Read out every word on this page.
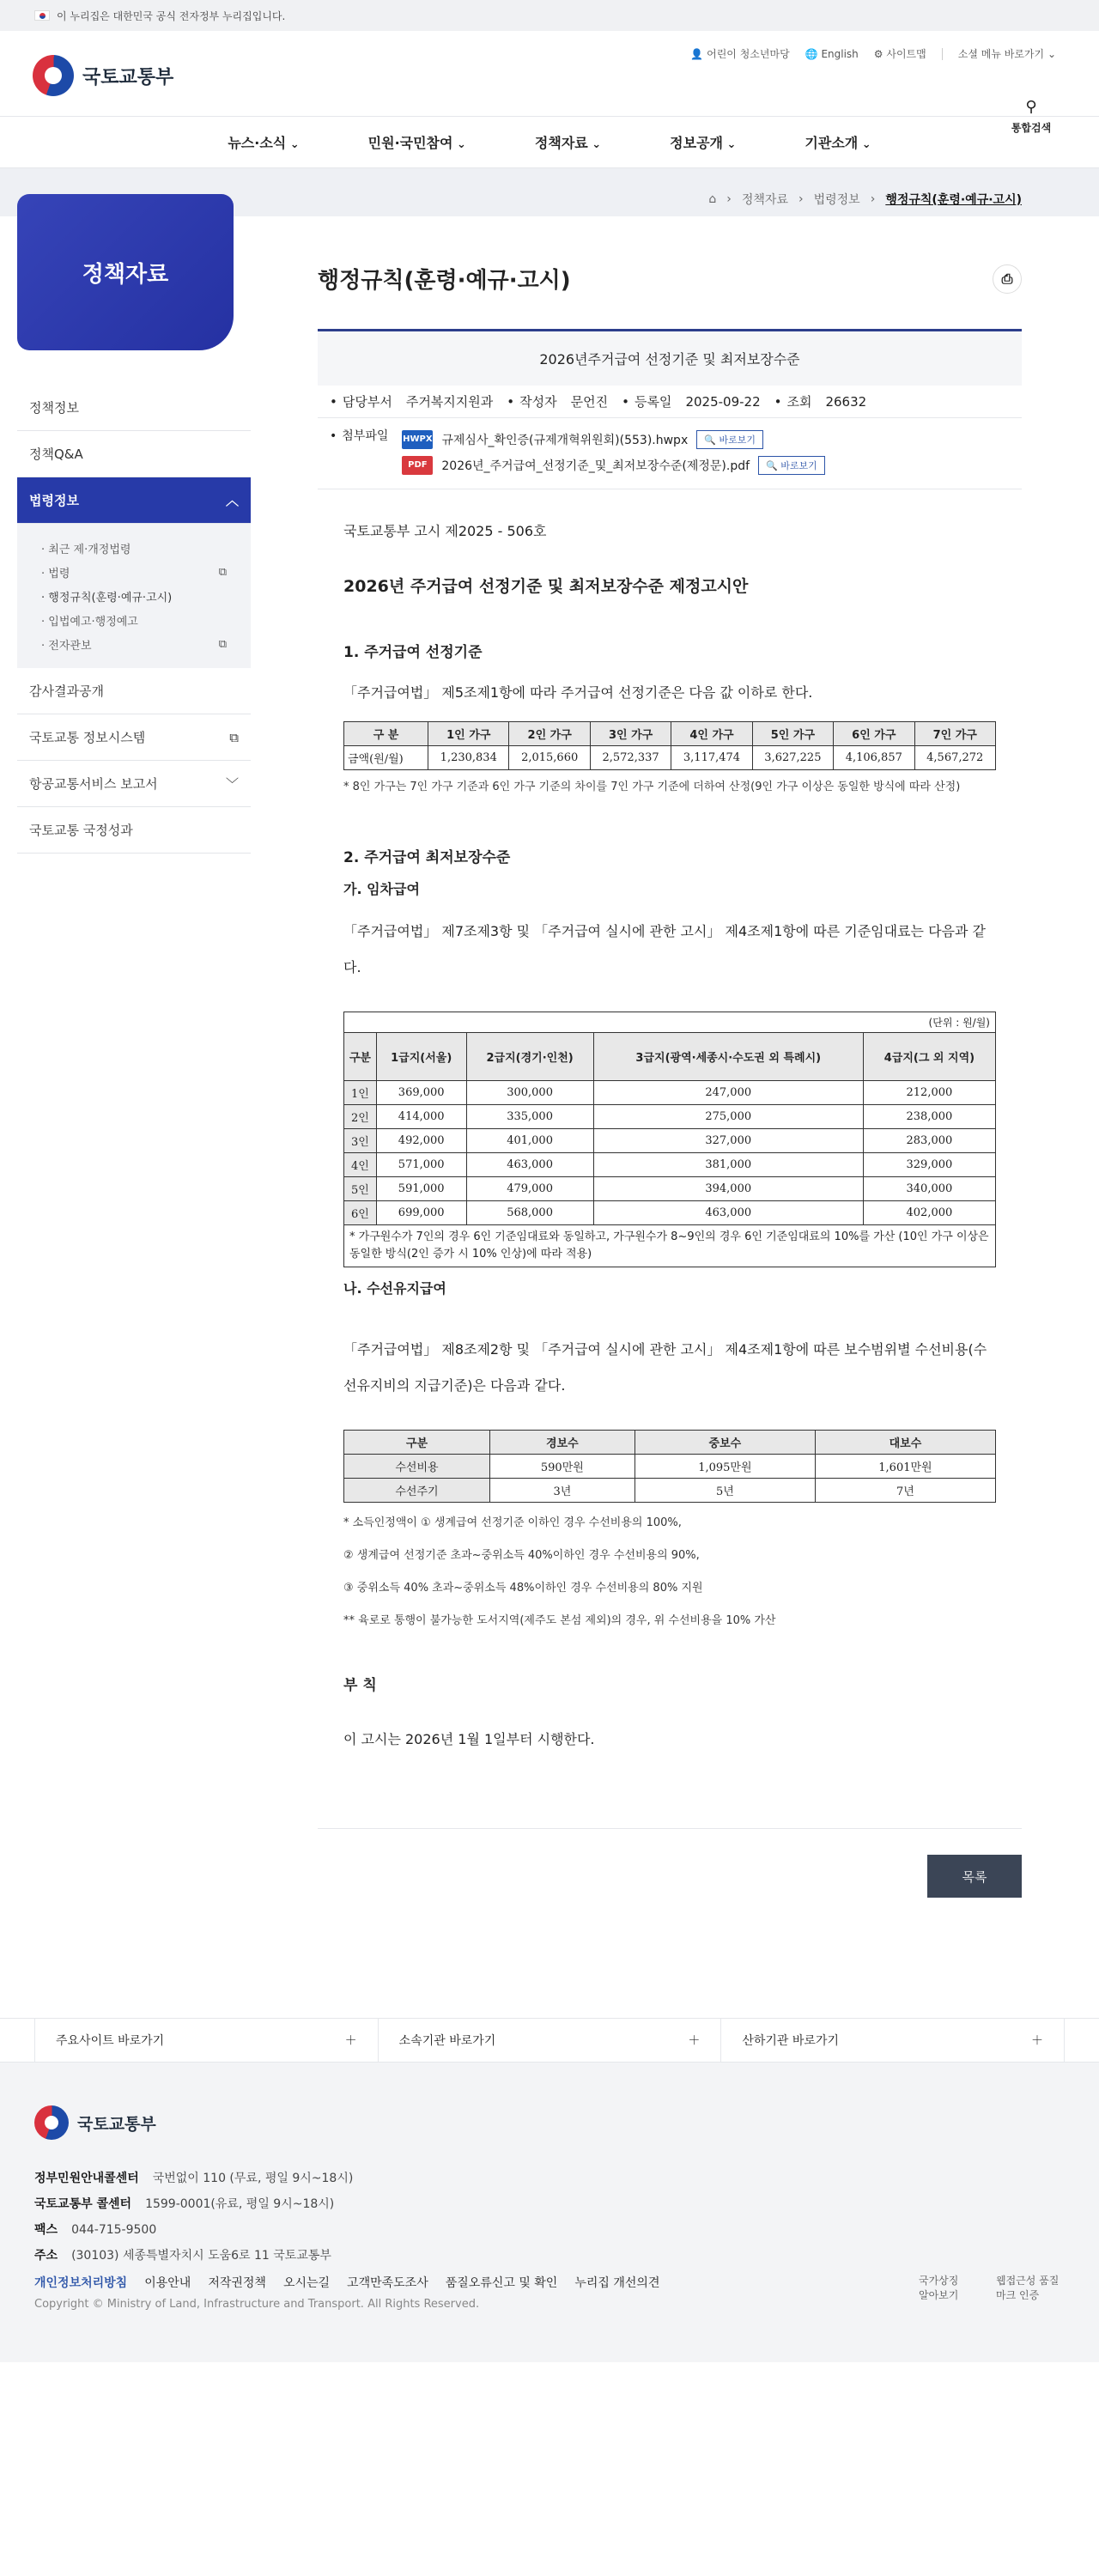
이 누리집은 대한민국 공식 전자정부 누리집입니다.
국토교통부
👤 어린이 청소년마당 🌐 English ⚙ 사이트맵	소셜 메뉴 바로가기 ⌄
⚲
통합검색
뉴스·소식 ⌄	민원·국민참여 ⌄	정책자료 ⌄	정보공개 ⌄	기관소개 ⌄
⌂ › 정책자료 › 법령정보 › 행정규칙(훈령·예규·고시)
정책자료
정책정보
정책Q&A
법령정보	︿
· 최근 제·개정법령
· 법령	⧉
· 행정규칙(훈령·예규·고시)
· 입법예고·행정예고
· 전자관보	⧉
감사결과공개
국토교통 정보시스템	⧉
항공교통서비스 보고서	﹀
국토교통 국정성과
행정규칙(훈령·예규·고시)	⎙
2026년주거급여 선정기준 및 최저보장수준
• 담당부서 주거복지지원과	• 작성자 문언진	• 등록일 2025-09-22	• 조회 26632
• 첨부파일 HWPX 규제심사_확인증(규제개혁위원회)(553).hwpx	🔍 바로보기
PDF	2026년_주거급여_선정기준_및_최저보장수준(제정문).pdf	🔍 바로보기

국토교통부 고시 제2025 - 506호

2026년 주거급여 선정기준 및 최저보장수준 제정고시안
1. 주거급여 선정기준

「주거급여법」 제5조제1항에 따라 주거급여 선정기준은 다음 값 이하로 한다.

구 분	1인 가구	2인 가구	3인 가구	4인 가구	5인 가구	6인 가구	7인 가구
금액(원/월)	1,230,834	2,015,660	2,572,337	3,117,474	3,627,225	4,106,857	4,567,272
* 8인 가구는 7인 가구 기준과 6인 가구 기준의 차이를 7인 가구 기준에 더하여 산정(9인 가구 이상은 동일한 방식에 따라 산정)
2. 주거급여 최저보장수준
가. 임차급여

「주거급여법」 제7조제3항 및 「주거급여 실시에 관한 고시」 제4조제1항에 따른 기준임대료는 다음과 같다.

(단위 : 원/월)
구분	1급지(서울)	2급지(경기·인천)	3급지(광역·세종시·수도권 외 특례시)	4급지(그 외 지역)
1인	369,000	300,000	247,000	212,000
2인	414,000	335,000	275,000	238,000
3인	492,000	401,000	327,000	283,000
4인	571,000	463,000	381,000	329,000
5인	591,000	479,000	394,000	340,000
6인	699,000	568,000	463,000	402,000
* 가구원수가 7인의 경우 6인 기준임대료와 동일하고, 가구원수가 8~9인의 경우 6인 기준임대료의 10%를 가산 (10인 가구 이상은 동일한 방식(2인 증가 시 10% 인상)에 따라 적용)
나. 수선유지급여

「주거급여법」 제8조제2항 및 「주거급여 실시에 관한 고시」 제4조제1항에 따른 보수범위별 수선비용(수선유지비의 지급기준)은 다음과 같다.

구분	경보수	중보수	대보수
수선비용	590만원	1,095만원	1,601만원
수선주기	3년	5년	7년
* 소득인정액이 ① 생계급여 선정기준 이하인 경우 수선비용의 100%,
② 생계급여 선정기준 초과~중위소득 40%이하인 경우 수선비용의 90%,
③ 중위소득 40% 초과~중위소득 48%이하인 경우 수선비용의 80% 지원
** 육로로 통행이 불가능한 도서지역(제주도 본섬 제외)의 경우, 위 수선비용을 10% 가산
부 칙

이 고시는 2026년 1월 1일부터 시행한다.

목록
주요사이트 바로가기	＋	소속기관 바로가기	＋	산하기관 바로가기	＋
국토교통부
정부민원안내콜센터 국번없이 110 (무료, 평일 9시~18시)
국토교통부 콜센터 1599-0001(유료, 평일 9시~18시)
팩스 044-715-9500
주소 (30103) 세종특별자치시 도움6로 11 국토교통부
개인정보처리방침 이용안내 저작권정책 오시는길 고객만족도조사 품질오류신고 및 확인 누리집 개선의견
Copyright © Ministry of Land, Infrastructure and Transport. All Rights Reserved.
국가상징 알아보기
웹접근성 품질마크 인증
